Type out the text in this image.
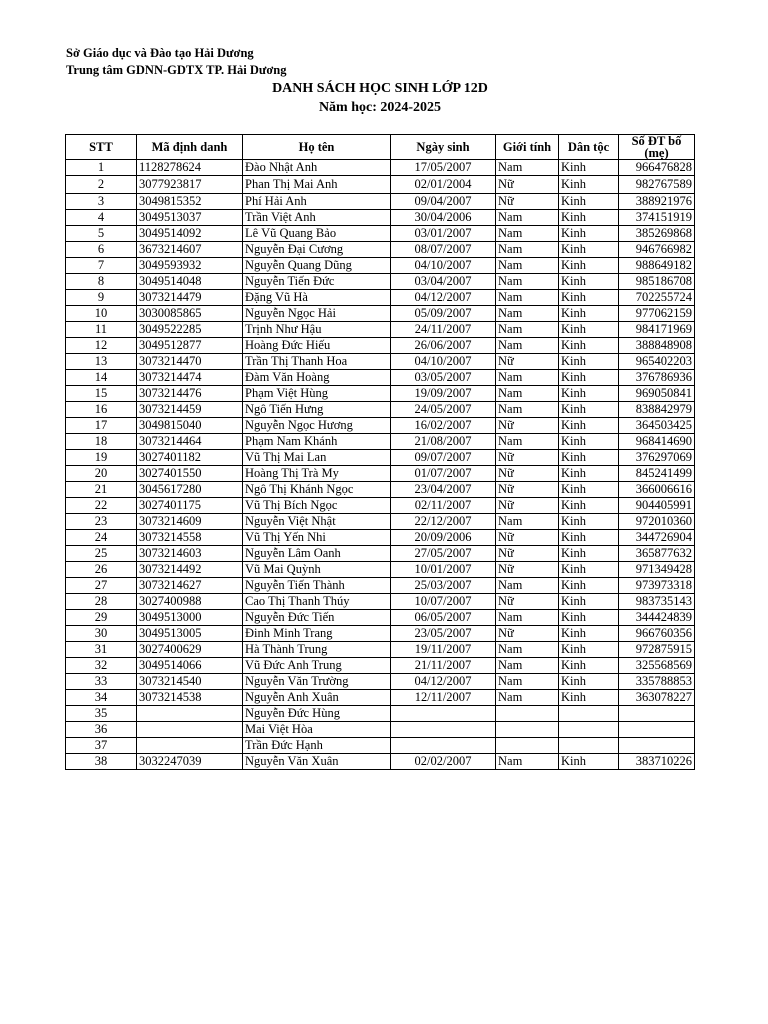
Sở Giáo dục và Đào tạo Hải Dương
Trung tâm GDNN-GDTX TP. Hải Dương
DANH SÁCH HỌC SINH LỚP 12D
Năm học: 2024-2025
STT	Mã định danh	Họ tên	Ngày sinh	Giới tính	Dân tộc	Số ĐT bố (mẹ)
1	1128278624	Đào Nhật Anh	17/05/2007	Nam	Kinh	966476828
2	3077923817	Phan Thị Mai Anh	02/01/2004	Nữ	Kinh	982767589
3	3049815352	Phí Hải Anh	09/04/2007	Nữ	Kinh	388921976
4	3049513037	Trần Việt Anh	30/04/2006	Nam	Kinh	374151919
5	3049514092	Lê Vũ Quang Bảo	03/01/2007	Nam	Kinh	385269868
6	3673214607	Nguyễn Đại Cương	08/07/2007	Nam	Kinh	946766982
7	3049593932	Nguyễn Quang Dũng	04/10/2007	Nam	Kinh	988649182
8	3049514048	Nguyễn Tiến Đức	03/04/2007	Nam	Kinh	985186708
9	3073214479	Đặng Vũ Hà	04/12/2007	Nam	Kinh	702255724
10	3030085865	Nguyễn Ngọc Hải	05/09/2007	Nam	Kinh	977062159
11	3049522285	Trịnh Như Hậu	24/11/2007	Nam	Kinh	984171969
12	3049512877	Hoàng Đức Hiếu	26/06/2007	Nam	Kinh	388848908
13	3073214470	Trần Thị Thanh Hoa	04/10/2007	Nữ	Kinh	965402203
14	3073214474	Đàm Văn Hoàng	03/05/2007	Nam	Kinh	376786936
15	3073214476	Phạm Việt Hùng	19/09/2007	Nam	Kinh	969050841
16	3073214459	Ngô Tiến Hưng	24/05/2007	Nam	Kinh	838842979
17	3049815040	Nguyễn Ngọc Hương	16/02/2007	Nữ	Kinh	364503425
18	3073214464	Phạm Nam Khánh	21/08/2007	Nam	Kinh	968414690
19	3027401182	Vũ Thị Mai Lan	09/07/2007	Nữ	Kinh	376297069
20	3027401550	Hoàng Thị Trà My	01/07/2007	Nữ	Kinh	845241499
21	3045617280	Ngô Thị Khánh Ngọc	23/04/2007	Nữ	Kinh	366006616
22	3027401175	Vũ Thị Bích Ngọc	02/11/2007	Nữ	Kinh	904405991
23	3073214609	Nguyễn Việt Nhật	22/12/2007	Nam	Kinh	972010360
24	3073214558	Vũ Thị Yến Nhi	20/09/2006	Nữ	Kinh	344726904
25	3073214603	Nguyễn Lâm Oanh	27/05/2007	Nữ	Kinh	365877632
26	3073214492	Vũ Mai Quỳnh	10/01/2007	Nữ	Kinh	971349428
27	3073214627	Nguyễn Tiến Thành	25/03/2007	Nam	Kinh	973973318
28	3027400988	Cao Thị Thanh Thúy	10/07/2007	Nữ	Kinh	983735143
29	3049513000	Nguyễn Đức Tiến	06/05/2007	Nam	Kinh	344424839
30	3049513005	Đinh Minh Trang	23/05/2007	Nữ	Kinh	966760356
31	3027400629	Hà Thành Trung	19/11/2007	Nam	Kinh	972875915
32	3049514066	Vũ Đức Anh Trung	21/11/2007	Nam	Kinh	325568569
33	3073214540	Nguyễn Văn Trường	04/12/2007	Nam	Kinh	335788853
34	3073214538	Nguyễn Anh Xuân	12/11/2007	Nam	Kinh	363078227
35		Nguyễn Đức Hùng				
36		Mai Việt Hòa				
37		Trần Đức Hạnh				
38	3032247039	Nguyễn Văn Xuân	02/02/2007	Nam	Kinh	383710226
